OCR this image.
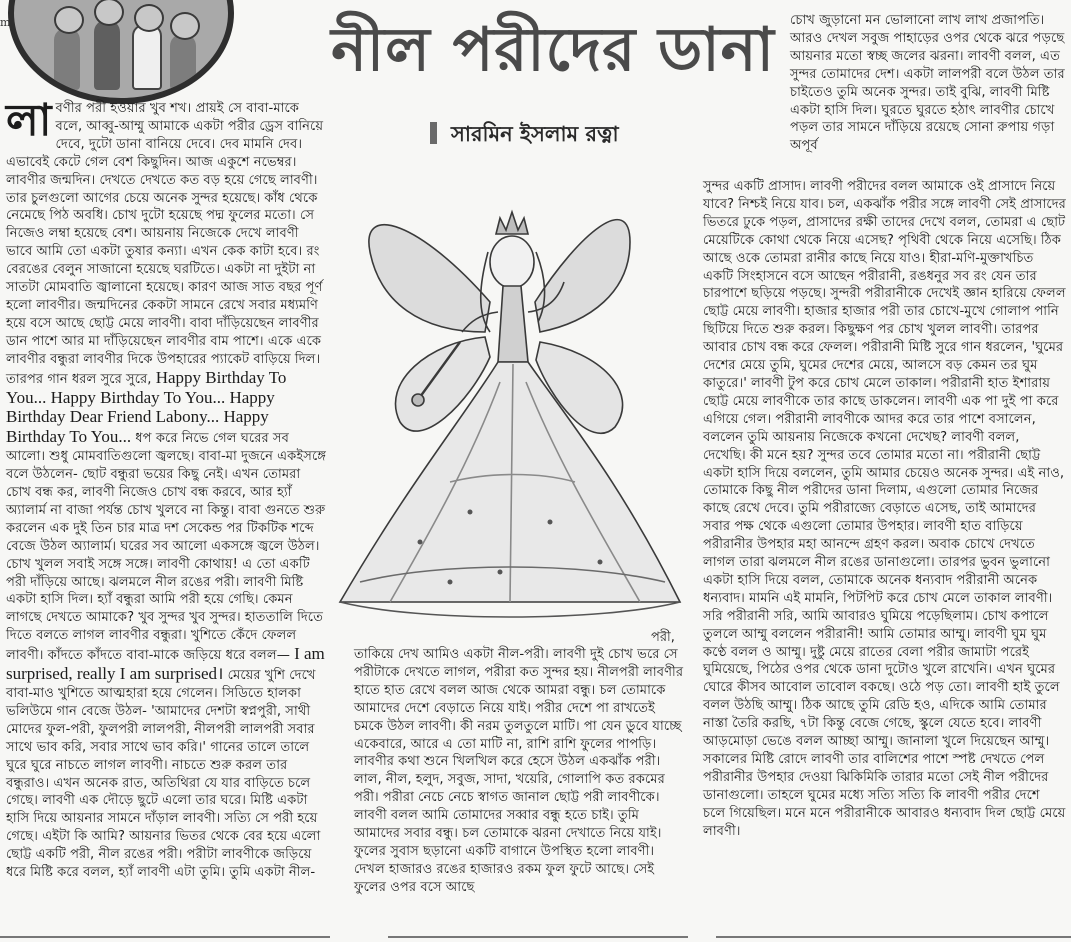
m	নীল পরীদের ডানা
সারমিন ইসলাম রত্না

লাবণীর পরী হওয়ার খুব শখ। প্রায়ই সে বাবা-মাকে বলে, আব্বু-আম্মু আমাকে একটা পরীর ড্রেস বানিয়ে দেবে, দুটো ডানা বানিয়ে দেবে। দেব মামনি দেব। এভাবেই কেটে গেল বেশ কিছুদিন। আজ একুশে নভেম্বর। লাবণীর জন্মদিন। দেখতে দেখতে কত বড় হয়ে গেছে লাবণী। তার চুলগুলো আগের চেয়ে অনেক সুন্দর হয়েছে। কাঁধ থেকে নেমেছে পিঠ অবধি। চোখ দুটো হয়েছে পদ্ম ফুলের মতো। সে নিজেও লম্বা হয়েছে বেশ। আয়নায় নিজেকে দেখে লাবণী ভাবে আমি তো একটা তুষার কন্যা। এখন কেক কাটা হবে। রং বেরঙের বেলুন সাজানো হয়েছে ঘরটিতে। একটা না দুইটা না সাতটা মোমবাতি জ্বালানো হয়েছে। কারণ আজ সাত বছর পূর্ণ হলো লাবণীর। জন্মদিনের কেকটা সামনে রেখে সবার মধ্যমণি হয়ে বসে আছে ছোট্ট মেয়ে লাবণী। বাবা দাঁড়িয়েছেন লাবণীর ডান পাশে আর মা দাঁড়িয়েছেন লাবণীর বাম পাশে। একে একে লাবণীর বন্ধুরা লাবণীর দিকে উপহারের প্যাকেট বাড়িয়ে দিল। তারপর গান ধরল সুরে সুরে, Happy Birthday To You... Happy Birthday To You... Happy Birthday Dear Friend Labony... Happy Birthday To You... ধপ করে নিভে গেল ঘরের সব আলো। শুধু মোমবাতিগুলো জ্বলছে। বাবা-মা দুজনে একইসঙ্গে বলে উঠলেন- ছোট বন্ধুরা ভয়ের কিছু নেই। এখন তোমরা চোখ বন্ধ কর, লাবণী নিজেও চোখ বন্ধ করবে, আর হ্যাঁ অ্যালার্ম না বাজা পর্যন্ত চোখ খুলবে না কিন্তু। বাবা গুনতে শুরু করলেন এক দুই তিন চার মাত্র দশ সেকেন্ড পর টিকটিক শব্দে বেজে উঠল অ্যালার্ম। ঘরের সব আলো একসঙ্গে জ্বলে উঠল। চোখ খুলল সবাই সঙ্গে সঙ্গে। লাবণী কোথায়! এ তো একটি পরী দাঁড়িয়ে আছে। ঝলমলে নীল রঙের পরী। লাবণী মিষ্টি একটা হাসি দিল। হ্যাঁ বন্ধুরা আমি পরী হয়ে গেছি। কেমন লাগছে দেখতে আমাকে? খুব সুন্দর খুব সুন্দর। হাততালি দিতে দিতে বলতে লাগল লাবণীর বন্ধুরা। খুশিতে কেঁদে ফেলল লাবণী। কাঁদতে কাঁদতে বাবা-মাকে জড়িয়ে ধরে বলল— I am surprised, really I am surprised। মেয়ের খুশি দেখে বাবা-মাও খুশিতে আত্মহারা হয়ে গেলেন। সিডিতে হালকা ভলিউমে গান বেজে উঠল- 'আমাদের দেশটা স্বপ্নপুরী, সাথী মোদের ফুল-পরী, ফুলপরী লালপরী, নীলপরী লালপরী সবার সাথে ভাব করি, সবার সাথে ভাব করি।' গানের তালে তালে ঘুরে ঘুরে নাচতে লাগল লাবণী। নাচতে শুরু করল তার বন্ধুরাও। এখন অনেক রাত, অতিথিরা যে যার বাড়িতে চলে গেছে। লাবণী এক দৌড়ে ছুটে এলো তার ঘরে। মিষ্টি একটা হাসি দিয়ে আয়নার সামনে দাঁড়াল লাবণী। সত্যি সে পরী হয়ে গেছে। এইটা কি আমি? আয়নার ভিতর থেকে বের হয়ে এলো ছোট্ট একটি পরী, নীল রঙের পরী। পরীটা লাবণীকে জড়িয়ে ধরে মিষ্টি করে বলল, হ্যাঁ লাবণী এটা তুমি। তুমি একটা নীল-

পরী,

তাকিয়ে দেখ আমিও একটা নীল-পরী। লাবণী দুই চোখ ভরে সে পরীটাকে দেখতে লাগল, পরীরা কত সুন্দর হয়। নীলপরী লাবণীর হাতে হাত রেখে বলল আজ থেকে আমরা বন্ধু। চল তোমাকে আমাদের দেশে বেড়াতে নিয়ে যাই। পরীর দেশে পা রাখতেই চমকে উঠল লাবণী। কী নরম তুলতুলে মাটি। পা যেন ডুবে যাচ্ছে একেবারে, আরে এ তো মাটি না, রাশি রাশি ফুলের পাপড়ি। লাবণীর কথা শুনে খিলখিল করে হেসে উঠল একঝাঁক পরী। লাল, নীল, হলুদ, সবুজ, সাদা, খয়েরি, গোলাপি কত রকমের পরী। পরীরা নেচে নেচে স্বাগত জানাল ছোট্ট পরী লাবণীকে। লাবণী বলল আমি তোমাদের সব্বার বন্ধু হতে চাই। তুমি আমাদের সবার বন্ধু। চল তোমাকে ঝরনা দেখাতে নিয়ে যাই। ফুলের সুবাস ছড়ানো একটি বাগানে উপস্থিত হলো লাবণী। দেখল হাজারও রঙের হাজারও রকম ফুল ফুটে আছে। সেই ফুলের ওপর বসে আছে

চোখ জুড়ানো মন ভোলানো লাখ লাখ প্রজাপতি। আরও দেখল সবুজ পাহাড়ের ওপর থেকে ঝরে পড়ছে আয়নার মতো স্বচ্ছ জলের ঝরনা। লাবণী বলল, এত সুন্দর তোমাদের দেশ। একটা লালপরী বলে উঠল তার চাইতেও তুমি অনেক সুন্দর। তাই বুঝি, লাবণী মিষ্টি একটা হাসি দিল। ঘুরতে ঘুরতে হঠাৎ লাবণীর চোখে পড়ল তার সামনে দাঁড়িয়ে রয়েছে সোনা রুপায় গড়া অপূর্ব

সুন্দর একটি প্রাসাদ। লাবণী পরীদের বলল আমাকে ওই প্রাসাদে নিয়ে যাবে? নিশ্চই নিয়ে যাব। চল, একঝাঁক পরীর সঙ্গে লাবণী সেই প্রাসাদের ভিতরে ঢুকে পড়ল, প্রাসাদের রক্ষী তাদের দেখে বলল, তোমরা এ ছোট মেয়েটিকে কোথা থেকে নিয়ে এসেছ? পৃথিবী থেকে নিয়ে এসেছি। ঠিক আছে ওকে তোমরা রানীর কাছে নিয়ে যাও। হীরা-মণি-মুক্তাখচিত একটি সিংহাসনে বসে আছেন পরীরানী, রঙধনুর সব রং যেন তার চারপাশে ছড়িয়ে পড়ছে। সুন্দরী পরীরানীকে দেখেই জ্ঞান হারিয়ে ফেলল ছোট্ট মেয়ে লাবণী। হাজার হাজার পরী তার চোখে-মুখে গোলাপ পানি ছিটিয়ে দিতে শুরু করল। কিছুক্ষণ পর চোখ খুলল লাবণী। তারপর আবার চোখ বন্ধ করে ফেলল। পরীরানী মিষ্টি সুরে গান ধরলেন, 'ঘুমের দেশের মেয়ে তুমি, ঘুমের দেশের মেয়ে, আলসে বড় কেমন তর ঘুম কাতুরে।' লাবণী টুপ করে চোখ মেলে তাকাল। পরীরানী হাত ইশারায় ছোট্ট মেয়ে লাবণীকে তার কাছে ডাকলেন। লাবণী এক পা দুই পা করে এগিয়ে গেল। পরীরানী লাবণীকে আদর করে তার পাশে বসালেন, বললেন তুমি আয়নায় নিজেকে কখনো দেখেছ? লাবণী বলল, দেখেছি। কী মনে হয়? সুন্দর তবে তোমার মতো না। পরীরানী ছোট্ট একটা হাসি দিয়ে বললেন, তুমি আমার চেয়েও অনেক সুন্দর। এই নাও, তোমাকে কিছু নীল পরীদের ডানা দিলাম, এগুলো তোমার নিজের কাছে রেখে দেবে। তুমি পরীরাজ্যে বেড়াতে এসেছ, তাই আমাদের সবার পক্ষ থেকে এগুলো তোমার উপহার। লাবণী হাত বাড়িয়ে পরীরানীর উপহার মহা আনন্দে গ্রহণ করল। অবাক চোখে দেখতে লাগল তারা ঝলমলে নীল রঙের ডানাগুলো। তারপর ভুবন ভুলানো একটা হাসি দিয়ে বলল, তোমাকে অনেক ধন্যবাদ পরীরানী অনেক ধন্যবাদ। মামনি এই মামনি, পিটপিট করে চোখ মেলে তাকাল লাবণী। সরি পরীরানী সরি, আমি আবারও ঘুমিয়ে পড়েছিলাম। চোখ কপালে তুললে আম্মু বললেন পরীরানী! আমি তোমার আম্মু। লাবণী ঘুম ঘুম কণ্ঠে বলল ও আম্মু। দুষ্টু মেয়ে রাতের বেলা পরীর জামাটা পরেই ঘুমিয়েছে, পিঠের ওপর থেকে ডানা দুটোও খুলে রাখেনি। এখন ঘুমের ঘোরে কীসব আবোল তাবোল বকছে। ওঠে পড় তো। লাবণী হাই তুলে বলল উঠছি আম্মু। ঠিক আছে তুমি রেডি হও, এদিকে আমি তোমার নাস্তা তৈরি করছি, ৭টা কিন্তু বেজে গেছে, স্কুলে যেতে হবে। লাবণী আড়মোড়া ভেঙে বলল আচ্ছা আম্মু। জানালা খুলে দিয়েছেন আম্মু। সকালের মিষ্টি রোদে লাবণী তার বালিশের পাশে স্পষ্ট দেখতে পেল পরীরানীর উপহার দেওয়া ঝিকিমিকি তারার মতো সেই নীল পরীদের ডানাগুলো। তাহলে ঘুমের মধ্যে সত্যি সত্যি কি লাবণী পরীর দেশে চলে গিয়েছিল। মনে মনে পরীরানীকে আবারও ধন্যবাদ দিল ছোট্ট মেয়ে লাবণী।
